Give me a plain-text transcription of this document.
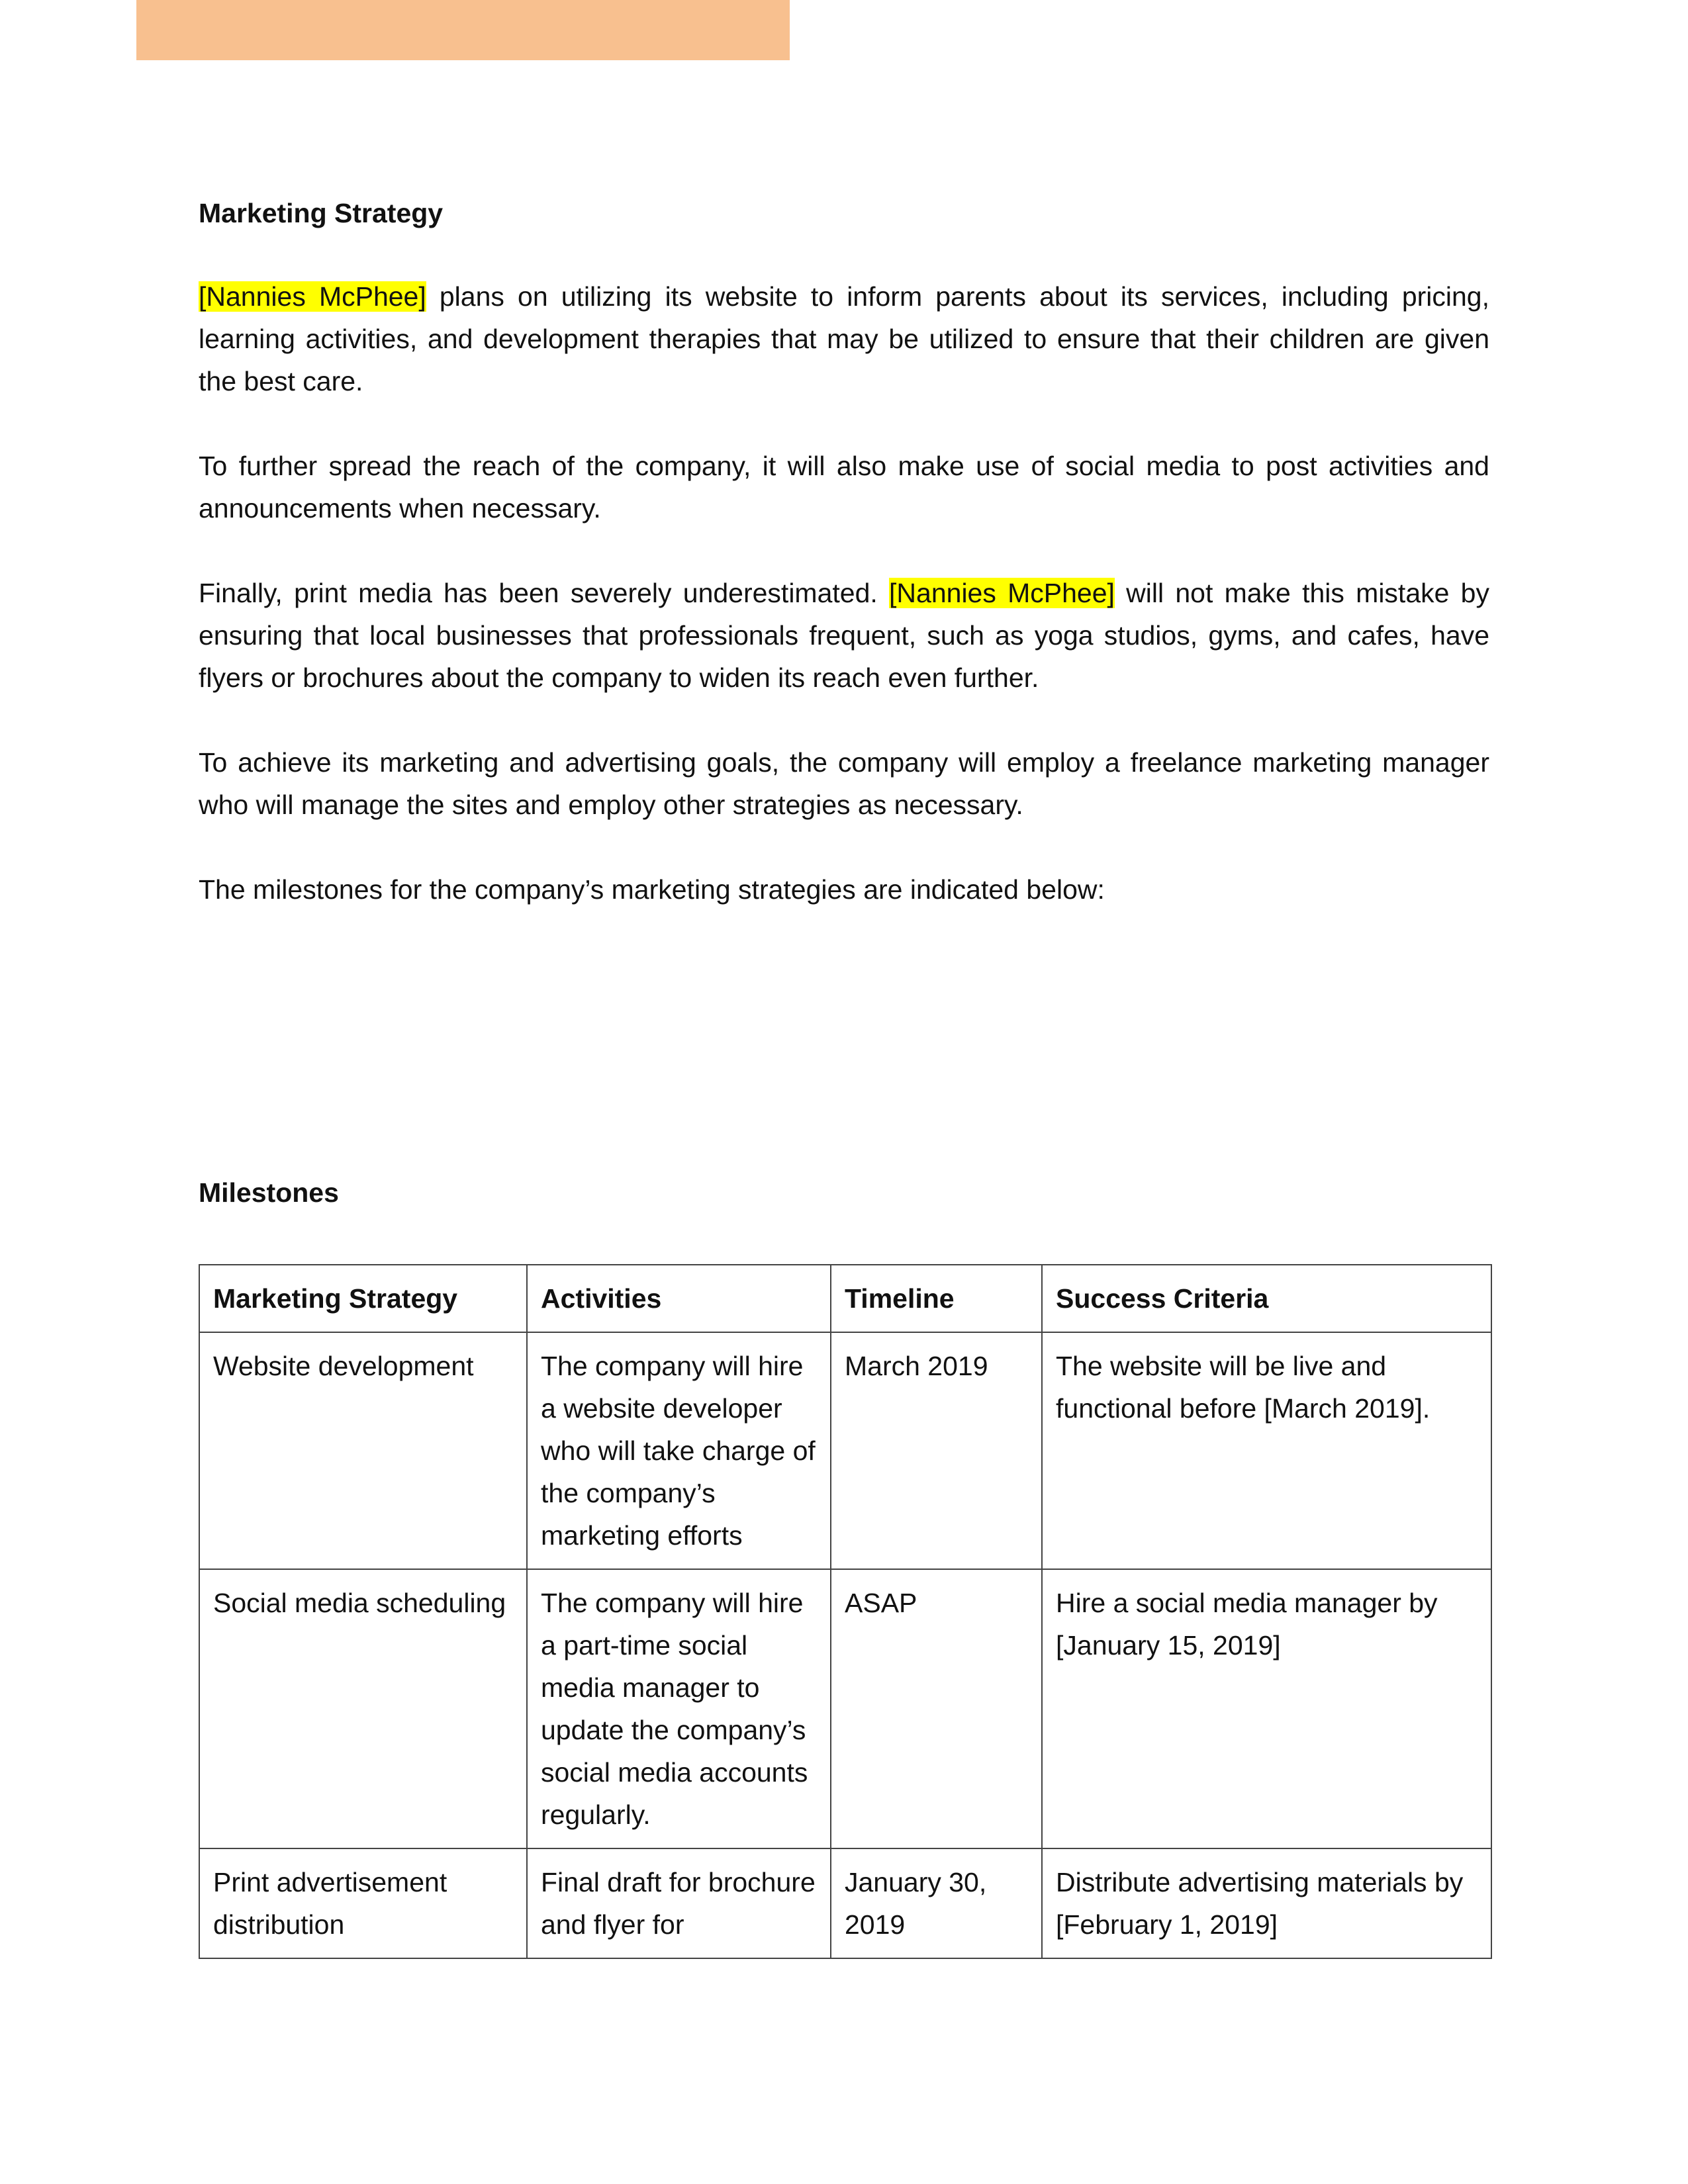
Marketing Strategy

[Nannies McPhee] plans on utilizing its website to inform parents about its services, including pricing, learning activities, and development therapies that may be utilized to ensure that their children are given the best care.

To further spread the reach of the company, it will also make use of social media to post activities and announcements when necessary.

Finally, print media has been severely underestimated. [Nannies McPhee] will not make this mistake by ensuring that local businesses that professionals frequent, such as yoga studios, gyms, and cafes, have flyers or brochures about the company to widen its reach even further.

To achieve its marketing and advertising goals, the company will employ a freelance marketing manager who will manage the sites and employ other strategies as necessary.

The milestones for the company’s marketing strategies are indicated below:

Milestones

Marketing Strategy	Activities	Timeline	Success Criteria
Website development	The company will hire a website developer who will take charge of the company’s marketing efforts	March 2019	The website will be live and functional before [March 2019].
Social media scheduling	The company will hire a part-time social media manager to update the company’s social media accounts regularly.	ASAP	Hire a social media manager by [January 15, 2019]
Print advertisement distribution	Final draft for brochure and flyer for	January 30, 2019	Distribute advertising materials by [February 1, 2019]
